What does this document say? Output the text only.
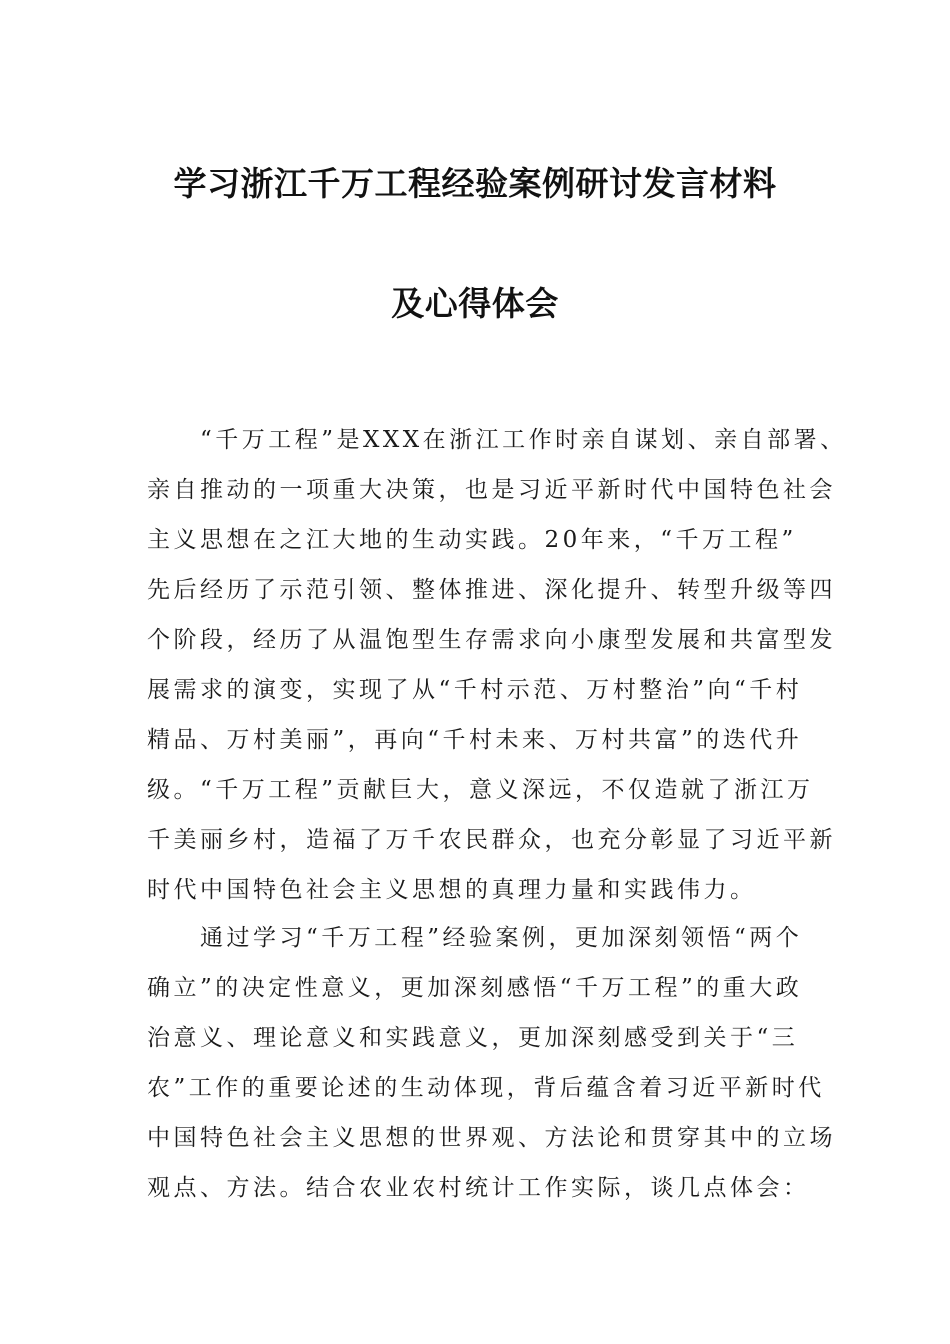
学习浙江千万工程经验案例研讨发言材料
及心得体会
　　“千万工程”是XXX在浙江工作时亲自谋划、亲自部署、
亲自推动的一项重大决策，也是习近平新时代中国特色社会
主义思想在之江大地的生动实践。20年来，“千万工程”
先后经历了示范引领、整体推进、深化提升、转型升级等四
个阶段，经历了从温饱型生存需求向小康型发展和共富型发
展需求的演变，实现了从“千村示范、万村整治”向“千村
精品、万村美丽”，再向“千村未来、万村共富”的迭代升
级。“千万工程”贡献巨大，意义深远，不仅造就了浙江万
千美丽乡村，造福了万千农民群众，也充分彰显了习近平新
时代中国特色社会主义思想的真理力量和实践伟力。
　　通过学习“千万工程”经验案例，更加深刻领悟“两个
确立”的决定性意义，更加深刻感悟“千万工程”的重大政
治意义、理论意义和实践意义，更加深刻感受到关于“三
农”工作的重要论述的生动体现，背后蕴含着习近平新时代
中国特色社会主义思想的世界观、方法论和贯穿其中的立场
观点、方法。结合农业农村统计工作实际，谈几点体会：
